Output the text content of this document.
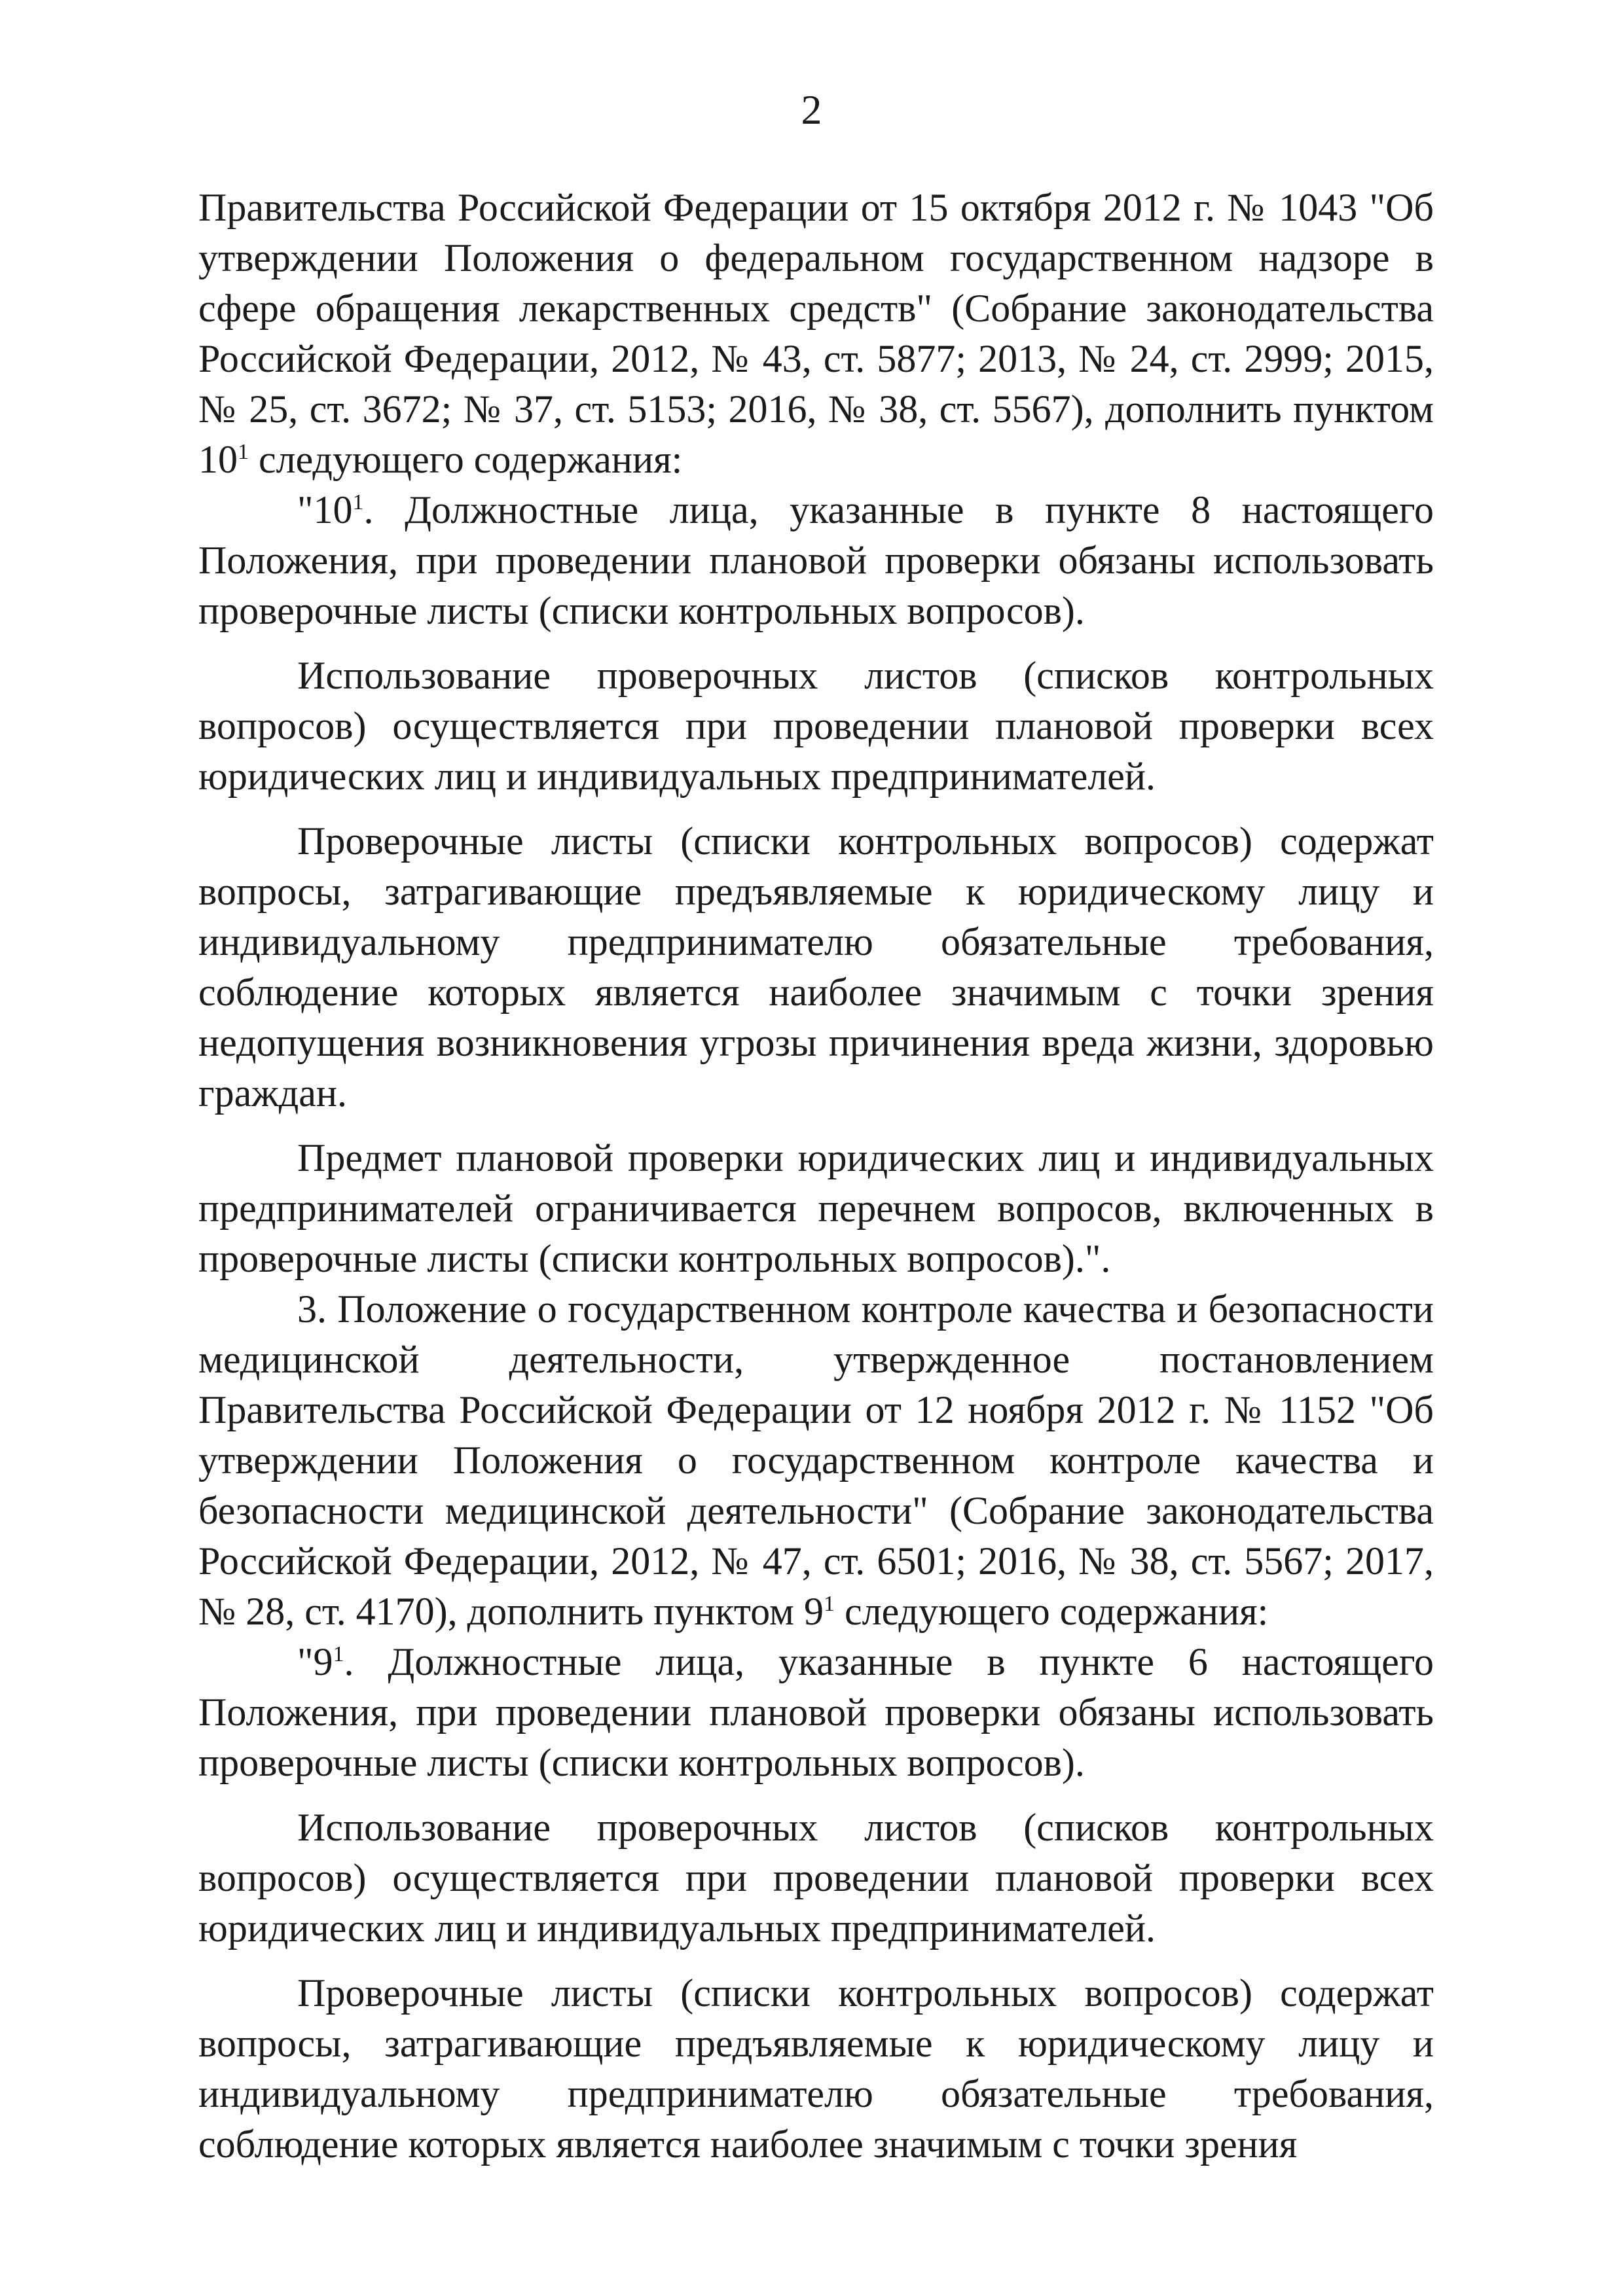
2

Правительства Российской Федерации от 15 октября 2012 г. № 1043 "Об утверждении Положения о федеральном государственном надзоре в сфере обращения лекарственных средств" (Собрание законодательства Российской Федерации, 2012, № 43, ст. 5877; 2013, № 24, ст. 2999; 2015, № 25, ст. 3672; № 37, ст. 5153; 2016, № 38, ст. 5567), дополнить пунктом $10^1$ следующего содержания:

"$10^1$. Должностные лица, указанные в пункте 8 настоящего Положения, при проведении плановой проверки обязаны использовать проверочные листы (списки контрольных вопросов).

Использование проверочных листов (списков контрольных вопросов) осуществляется при проведении плановой проверки всех юридических лиц и индивидуальных предпринимателей.

Проверочные листы (списки контрольных вопросов) содержат вопросы, затрагивающие предъявляемые к юридическому лицу и индивидуальному предпринимателю обязательные требования, соблюдение которых является наиболее значимым с точки зрения недопущения возникновения угрозы причинения вреда жизни, здоровью граждан.

Предмет плановой проверки юридических лиц и индивидуальных предпринимателей ограничивается перечнем вопросов, включенных в проверочные листы (списки контрольных вопросов).".

3. Положение о государственном контроле качества и безопасности медицинской деятельности, утвержденное постановлением Правительства Российской Федерации от 12 ноября 2012 г. № 1152 "Об утверждении Положения о государственном контроле качества и безопасности медицинской деятельности" (Собрание законодательства Российской Федерации, 2012, № 47, ст. 6501; 2016, № 38, ст. 5567; 2017, № 28, ст. 4170), дополнить пунктом $9^1$ следующего содержания:

"$9^1$. Должностные лица, указанные в пункте 6 настоящего Положения, при проведении плановой проверки обязаны использовать проверочные листы (списки контрольных вопросов).

Использование проверочных листов (списков контрольных вопросов) осуществляется при проведении плановой проверки всех юридических лиц и индивидуальных предпринимателей.

Проверочные листы (списки контрольных вопросов) содержат вопросы, затрагивающие предъявляемые к юридическому лицу и индивидуальному предпринимателю обязательные требования, соблюдение которых является наиболее значимым с точки зрения
